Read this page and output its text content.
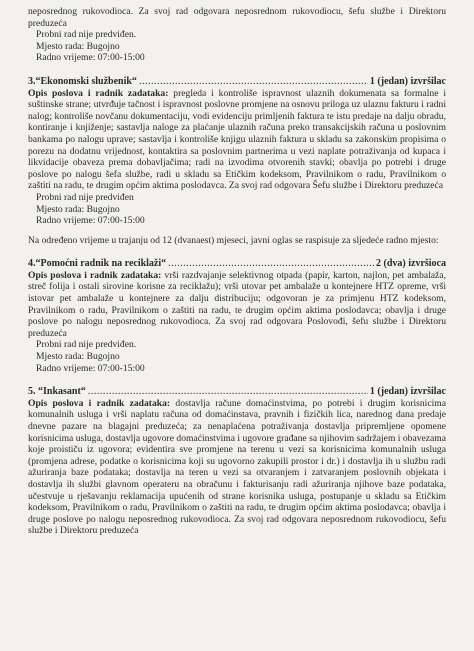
neposrednog rukovodioca. Za svoj rad odgovara neposrednom rukovodiocu, šefu službe i Direktoru preduzeća

Probni rad nije predviđen.

Mjesto rada: Bugojno

Radno vrijeme: 07:00-15:00

3.“Ekonomski službenik“ .....	1 (jedan) izvršilac

Opis poslova i radnik zadataka: pregleda i kontroliše ispravnost ulaznih dokumenata sa formalne i suštinske strane; utvrđuje tačnost i ispravnost poslovne promjene na osnovu priloga uz ulaznu fakturu i radni nalog; kontroliše novčanu dokumentaciju, vodi evidenciju primljenih faktura te istu predaje na dalju obradu, kontiranje i knjiženje; sastavlja naloge za plaćanje ulaznih računa preko transakcijskih računa u poslovnim bankama po nalogu uprave; sastavlja i kontroliše knjigu ulaznih faktura u skladu sa zakonskim propisima o porezu na dodatnu vrijednost, kontaktira sa poslovnim partnerima u vezi naplate potraživanja od kupaca i likvidacije obaveza prema dobavljačima; radi na izvodima otvorenih stavki; obavlja po potrebi i druge poslove po nalogu šefa službe, radi u skladu sa Etičkim kodeksom, Pravilnikom o radu, Pravilnikom o zaštiti na radu, te drugim općim aktima poslodavca. Za svoj rad odgovara Šefu službe i Direktoru preduzeća

Probni rad nije predviđen

Mjesto rada: Bugojno

Radno vrijeme: 07:00-15:00

Na određeno vrijeme u trajanju od 12 (dvanaest) mjeseci, javni oglas se raspisuje za sljedeće radno mjesto:

4.“Pomoćni radnik na reciklaži“ .....	2 (dva) izvršioca

Opis poslova i radnik zadataka: vrši razdvajanje selektivnog otpada (papir, karton, najlon, pet ambalaža, streč folija i ostali sirovine korisne za reciklažu); vrši utovar pet ambalaže u kontejnere HTZ opreme, vrši istovar pet ambalaže u kontejnere za dalju distribuciju; odgovoran je za primjenu HTZ kodeksom, Pravilnikom o radu, Pravilnikom o zaštiti na radu, te drugim općim aktima poslodavca; obavlja i druge poslove po nalogu neposrednog rukovodioca. Za svoj rad odgovara Poslovođi, šefu službe i Direktoru preduzeća

Probni rad nije predviđen.

Mjesto rada: Bugojno

Radno vrijeme: 07:00-15:00

5. “Inkasant“ .....	1 (jedan) izvršilac

Opis poslova i radnik zadataka: dostavlja račune domaćinstvima, po potrebi i drugim korisnicima komunalnih usluga i vrši naplatu računa od domaćinstava, pravnih i fizičkih lica, narednog dana predaje dnevne pazare na blagajni preduzeća; za nenaplaćena potraživanja dostavlja pripremljene opomene korisnicima usluga, dostavlja ugovore domaćinstvima i ugovore građane sa njihovim sadržajem i obavezama koje proističu iz ugovora; evidentira sve promjene na terenu u vezi sa korisnicima komunalnih usluga (promjena adrese, podatke o korisnicima koji su ugovorno zakupili prostor i dr.) i dostavlja ih u službu radi ažuriranja baze podataka; dostavlja na teren u vezi sa otvaranjem i zatvaranjem poslovnih objekata i dostavlja ih službi glavnom operateru na obračunu i fakturisanju radi ažuriranja njihove baze podataka, učestvuje u rješavanju reklamacija upućenih od strane korisnika usluga, postupanje u skladu sa Etičkim kodeksom, Pravilnikom o radu, Pravilnikom o zaštiti na radu, te drugim općim aktima poslodavca; obavlja i druge poslove po nalogu neposrednog rukovodioca. Za svoj rad odgovara neposrednom rukovodiocu, šefu službe i Direktoru preduzeća
